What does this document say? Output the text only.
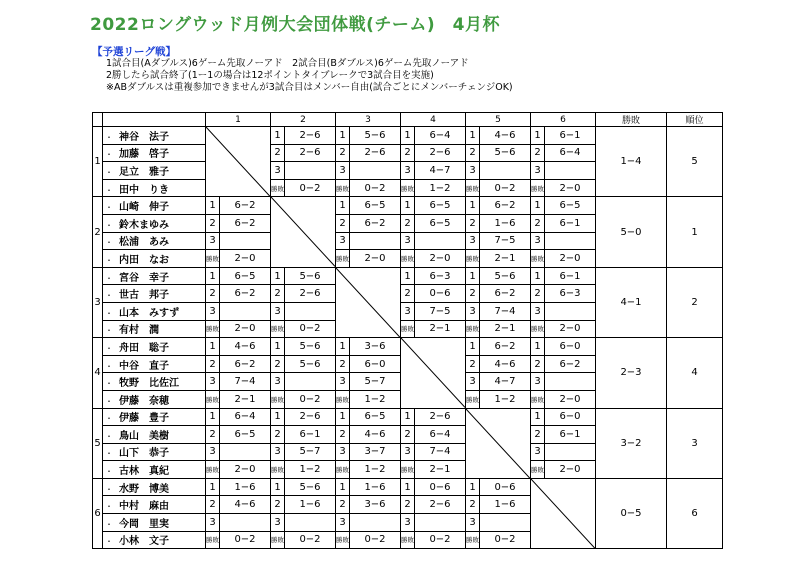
2022ロングウッド月例大会団体戦(チーム)　4月杯
【予選リーグ戦】
1試合目(Aダブルス)6ゲーム先取ノーアド　2試合目(Bダブルス)6ゲーム先取ノーアド
2勝したら試合終了(1ー1の場合は12ポイントタイブレークで3試合目を実施)
※ABダブルスは重複参加できませんが3試合目はメンバー自由(試合ごとにメンバーチェンジOK)
		1		2		3		4		5		6		勝敗	順位
1	・ 神谷　法子			1	2−6	1	5−6	1	6−4	1	4−6	1	6−1	1−4	5
	・ 加藤　啓子			2	2−6	2	2−6	2	2−6	2	5−6	2	6−4		
	・ 足立　雅子			3		3		3	4−7	3		3			
	・ 田中　りき			勝敗	0−2	勝敗	0−2	勝敗	1−2	勝敗	0−2	勝敗	2−0		
2	・ 山崎　伸子	1	6−2			1	6−5	1	6−5	1	6−2	1	6−5	5−0	1
	・ 鈴木まゆみ	2	6−2			2	6−2	2	6−5	2	1−6	2	6−1		
	・ 松浦　あみ	3				3		3		3	7−5	3			
	・ 内田　なお	勝敗	2−0			勝敗	2−0	勝敗	2−0	勝敗	2−1	勝敗	2−0		
3	・ 宮谷　幸子	1	6−5	1	5−6			1	6−3	1	5−6	1	6−1	4−1	2
	・ 世古　邦子	2	6−2	2	2−6			2	0−6	2	6−2	2	6−3		
	・ 山本　みすず	3		3				3	7−5	3	7−4	3			
	・ 有村　潤	勝敗	2−0	勝敗	0−2			勝敗	2−1	勝敗	2−1	勝敗	2−0		
4	・ 舟田　聡子	1	4−6	1	5−6	1	3−6			1	6−2	1	6−0	2−3	4
	・ 中谷　直子	2	6−2	2	5−6	2	6−0			2	4−6	2	6−2		
	・ 牧野　比佐江	3	7−4	3		3	5−7			3	4−7	3			
	・ 伊藤　奈穂	勝敗	2−1	勝敗	0−2	勝敗	1−2			勝敗	1−2	勝敗	2−0		
5	・ 伊藤　豊子	1	6−4	1	2−6	1	6−5	1	2−6			1	6−0	3−2	3
	・ 鳥山　美樹	2	6−5	2	6−1	2	4−6	2	6−4			2	6−1		
	・ 山下　恭子	3		3	5−7	3	3−7	3	7−4			3			
	・ 古林　真紀	勝敗	2−0	勝敗	1−2	勝敗	1−2	勝敗	2−1			勝敗	2−0		
6	・ 水野　博美	1	1−6	1	5−6	1	1−6	1	0−6	1	0−6			0−5	6
	・ 中村　麻由	2	4−6	2	1−6	2	3−6	2	2−6	2	1−6				
	・ 今岡　里実	3		3		3		3		3					
	・ 小林　文子	勝敗	0−2	勝敗	0−2	勝敗	0−2	勝敗	0−2	勝敗	0−2				
